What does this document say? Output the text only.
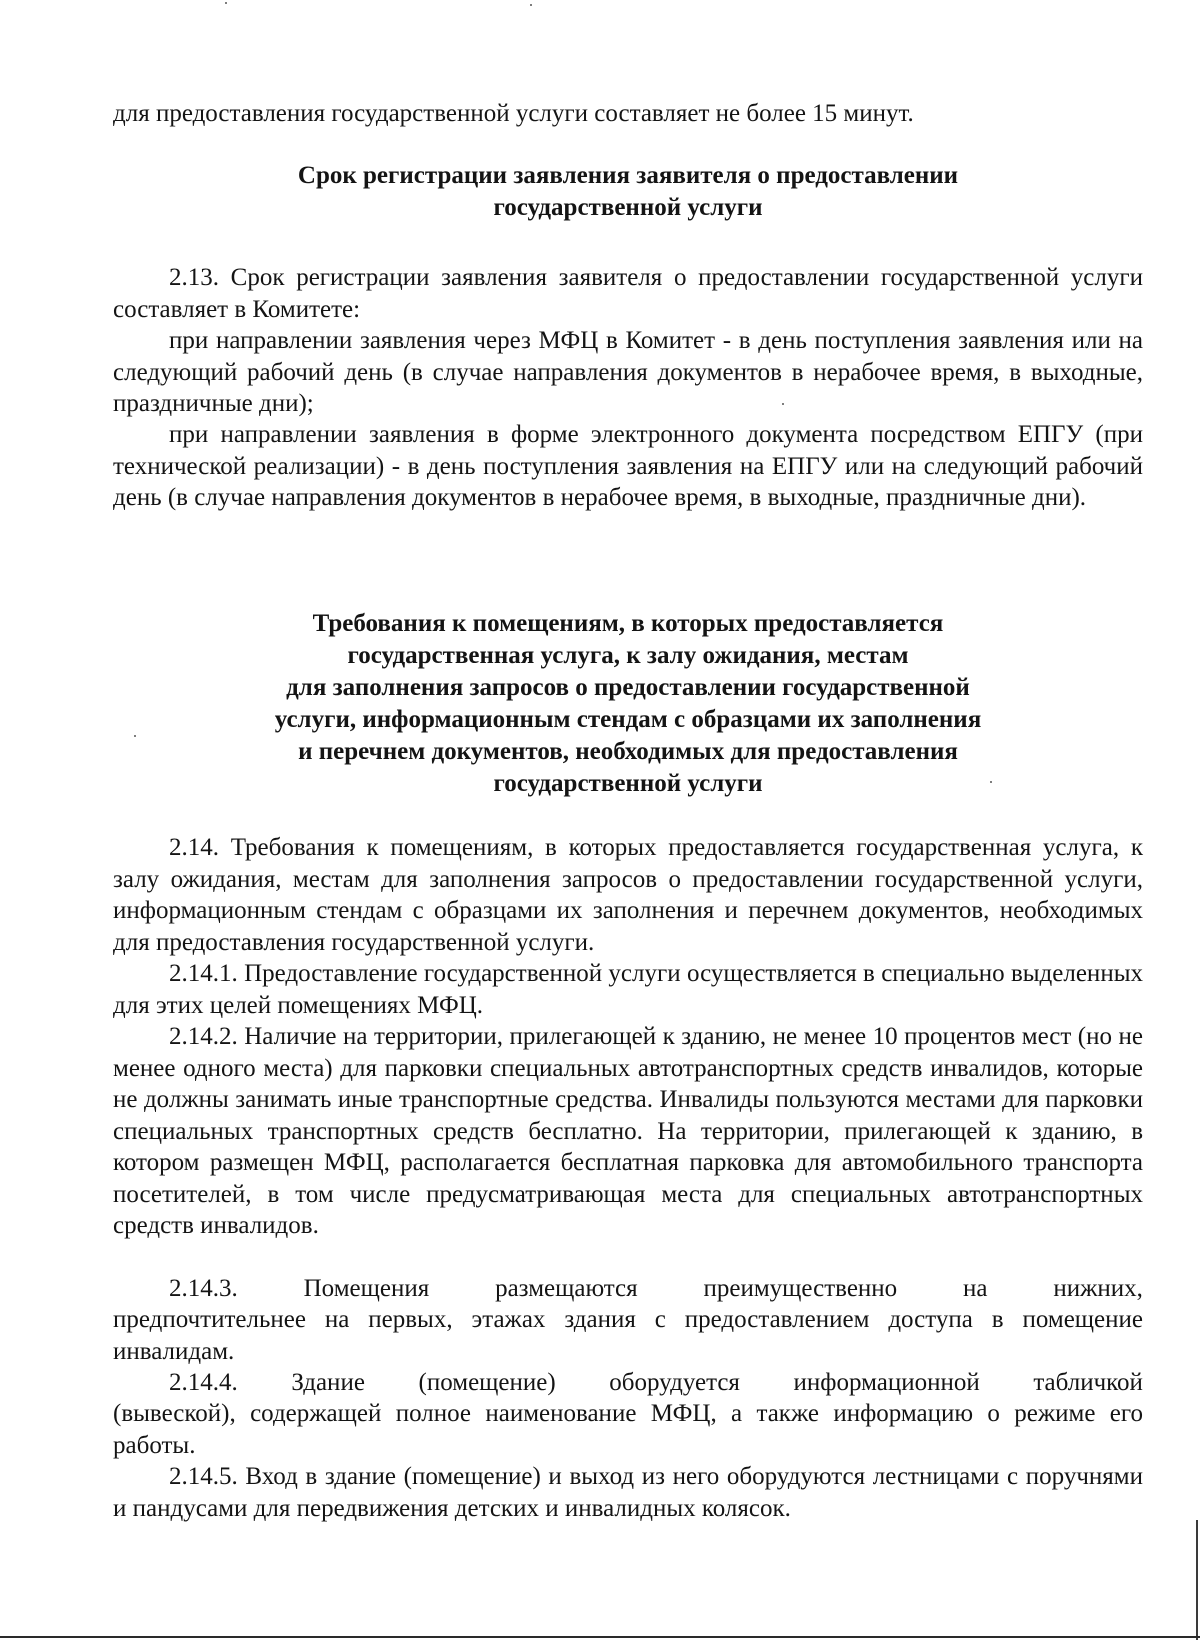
для предоставления государственной услуги составляет не более 15 минут.

Срок регистрации заявления заявителя о предоставлении
государственной услуги

2.13. Срок регистрации заявления заявителя о предоставлении государственной услуги составляет в Комитете:

при направлении заявления через МФЦ в Комитет - в день поступления заявления или на следующий рабочий день (в случае направления документов в нерабочее время, в выходные, праздничные дни);

при направлении заявления в форме электронного документа посредством ЕПГУ (при технической реализации) - в день поступления заявления на ЕПГУ или на следующий рабочий день (в случае направления документов в нерабочее время, в выходные, праздничные дни).

Требования к помещениям, в которых предоставляется
государственная услуга, к залу ожидания, местам
для заполнения запросов о предоставлении государственной
услуги, информационным стендам с образцами их заполнения
и перечнем документов, необходимых для предоставления
государственной услуги

2.14. Требования к помещениям, в которых предоставляется государственная услуга, к залу ожидания, местам для заполнения запросов о предоставлении государственной услуги, информационным стендам с образцами их заполнения и перечнем документов, необходимых для предоставления государственной услуги.

2.14.1. Предоставление государственной услуги осуществляется в специально выделенных для этих целей помещениях МФЦ.

2.14.2. Наличие на территории, прилегающей к зданию, не менее 10 процентов мест (но не менее одного места) для парковки специальных автотранспортных средств инвалидов, которые не должны занимать иные транспортные средства. Инвалиды пользуются местами для парковки специальных транспортных средств бесплатно. На территории, прилегающей к зданию, в котором размещен МФЦ, располагается бесплатная парковка для автомобильного транспорта посетителей, в том числе предусматривающая места для специальных автотранспортных средств инвалидов.

2.14.3.	Помещения	размещаются	преимущественно	на	нижних,

предпочтительнее на первых, этажах здания с предоставлением доступа в помещение инвалидам.

2.14.4. Здание (помещение) оборудуется информационной табличкой

(вывеской), содержащей полное наименование МФЦ, а также информацию о режиме его работы.

2.14.5. Вход в здание (помещение) и выход из него оборудуются лестницами с поручнями и пандусами для передвижения детских и инвалидных колясок.
